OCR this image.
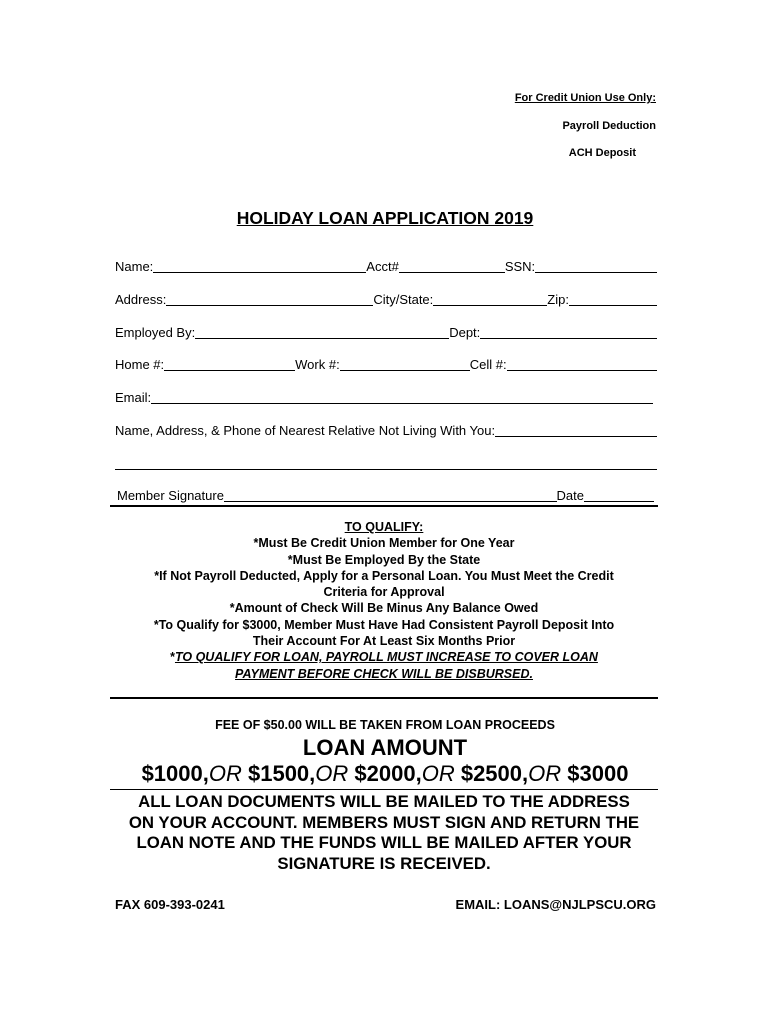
For Credit Union Use Only:
Payroll Deduction
ACH Deposit
HOLIDAY LOAN APPLICATION 2019
Name:	Acct#	SSN:
Address:	City/State:	Zip:
Employed By:	Dept:
Home #:	Work #:	Cell #:
Email:
Name, Address, & Phone of Nearest Relative Not Living With You:
Member Signature	Date
TO QUALIFY:
*Must Be Credit Union Member for One Year
*Must Be Employed By the State
*If Not Payroll Deducted, Apply for a Personal Loan. You Must Meet the Credit
Criteria for Approval
*Amount of Check Will Be Minus Any Balance Owed
*To Qualify for $3000, Member Must Have Had Consistent Payroll Deposit Into
Their Account For At Least Six Months Prior
*TO QUALIFY FOR LOAN, PAYROLL MUST INCREASE TO COVER LOAN
PAYMENT BEFORE CHECK WILL BE DISBURSED.
FEE OF $50.00 WILL BE TAKEN FROM LOAN PROCEEDS
LOAN AMOUNT
$1000,OR $1500,OR $2000,OR $2500,OR $3000
ALL LOAN DOCUMENTS WILL BE MAILED TO THE ADDRESS
ON YOUR ACCOUNT. MEMBERS MUST SIGN AND RETURN THE
LOAN NOTE AND THE FUNDS WILL BE MAILED AFTER YOUR
SIGNATURE IS RECEIVED.
FAX 609-393-0241	EMAIL: LOANS@NJLPSCU.ORG
